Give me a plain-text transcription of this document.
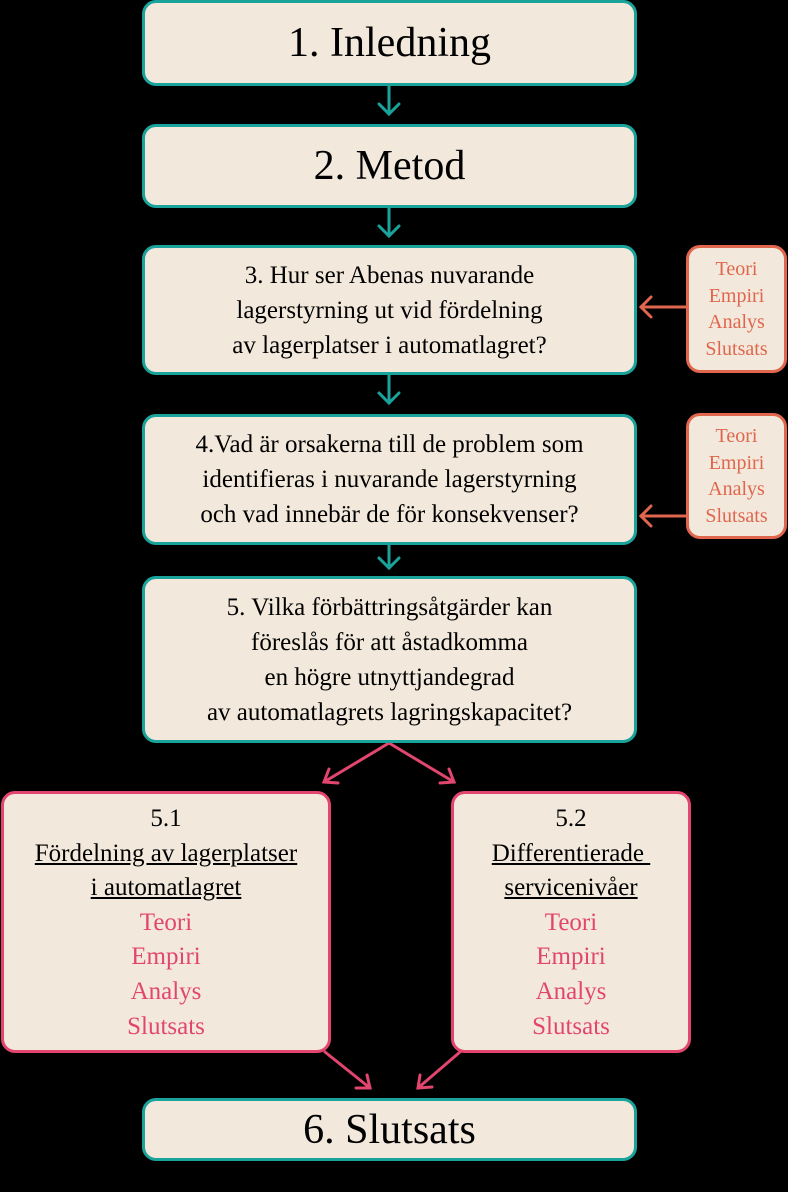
1. Inledning
2. Metod
3. Hur ser Abenas nuvarande
lagerstyrning ut vid fördelning
av lagerplatser i automatlagret?
Teori
Empiri
Analys
Slutsats
4.Vad är orsakerna till de problem som
identifieras i nuvarande lagerstyrning
och vad innebär de för konsekvenser?
Teori
Empiri
Analys
Slutsats
5. Vilka förbättringsåtgärder kan
föreslås för att åstadkomma
en högre utnyttjandegrad
av automatlagrets lagringskapacitet?
5.1
Fördelning av lagerplatser
i automatlagret
Teori
Empiri
Analys
Slutsats
5.2
Differentierade
servicenivåer
Teori
Empiri
Analys
Slutsats
6. Slutsats
